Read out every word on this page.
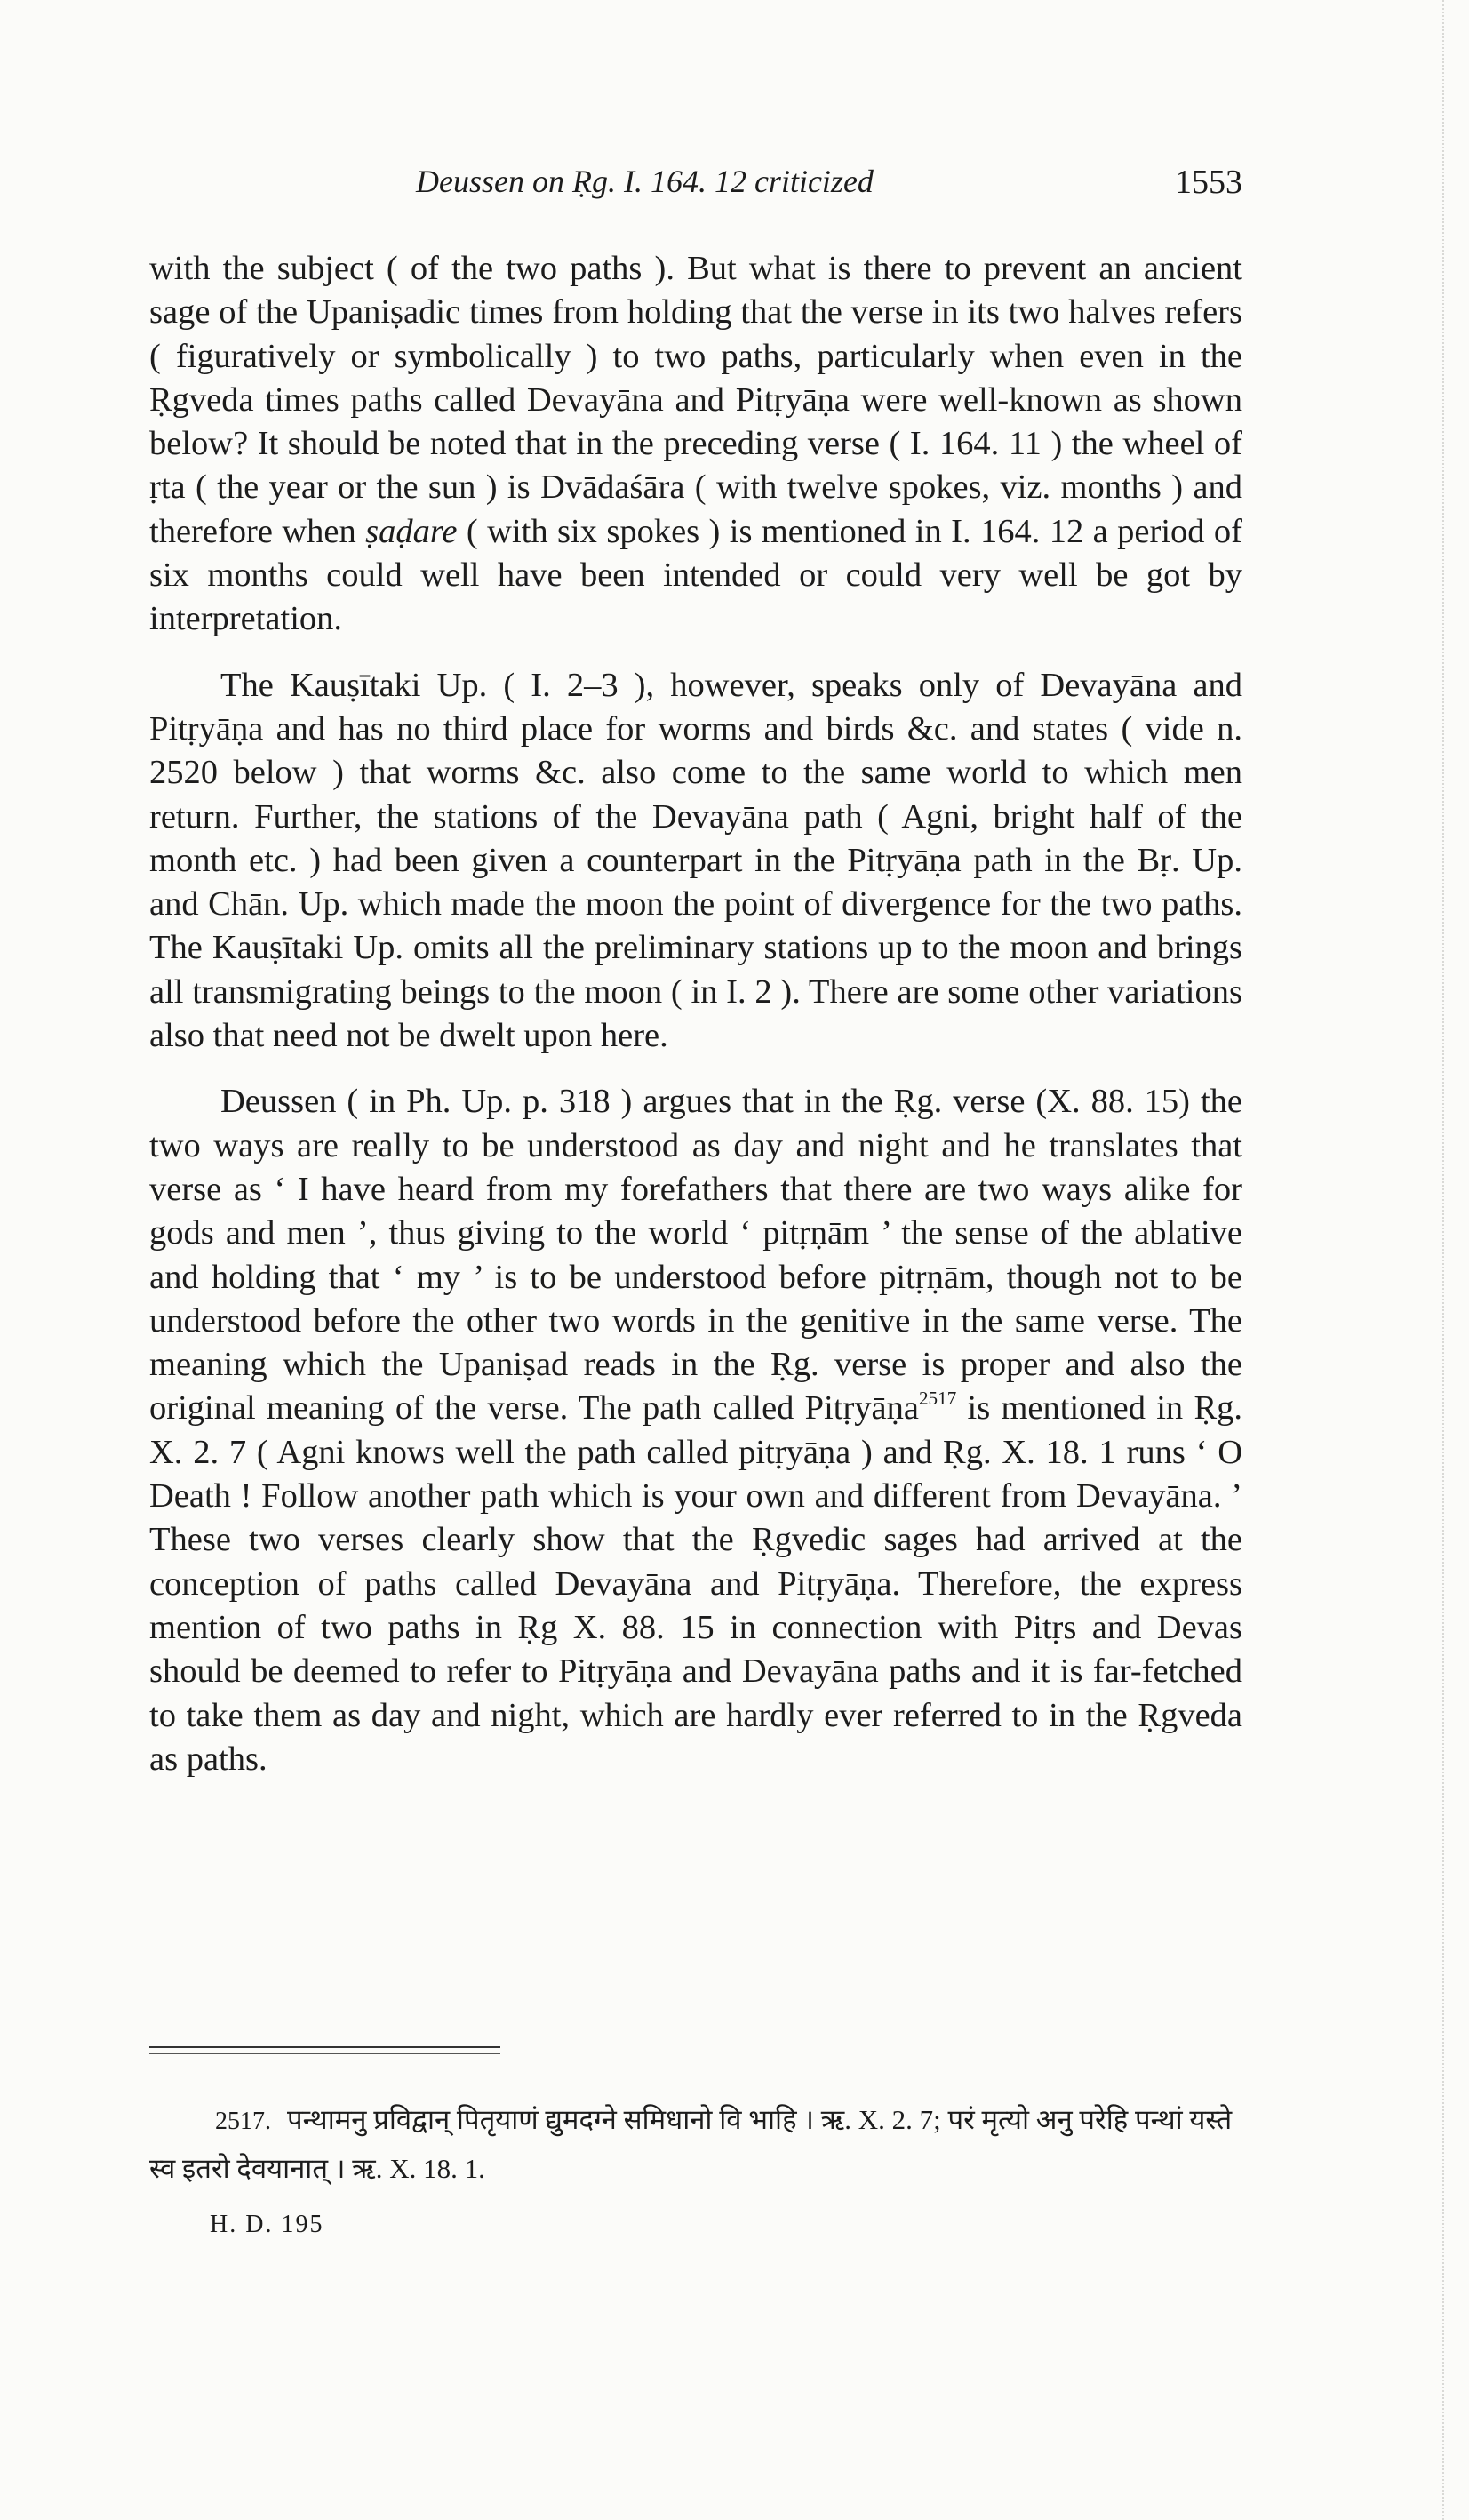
Deussen on Ṛg. I. 164. 12 criticized	1553

with the subject ( of the two paths ). But what is there to prevent an ancient sage of the Upaniṣadic times from holding that the verse in its two halves refers ( figuratively or symbolically ) to two paths, particularly when even in the Ṛgveda times paths called Devayāna and Pitṛyāṇa were well-known as shown below? It should be noted that in the preceding verse ( I. 164. 11 ) the wheel of ṛta ( the year or the sun ) is Dvādaśāra ( with twelve spokes, viz. months ) and therefore when ṣaḍare ( with six spokes ) is mentioned in I. 164. 12 a period of six months could well have been intended or could very well be got by interpretation.

The Kauṣītaki Up. ( I. 2–3 ), however, speaks only of Devayāna and Pitṛyāṇa and has no third place for worms and birds &c. and states ( vide n. 2520 below ) that worms &c. also come to the same world to which men return. Further, the stations of the Devayāna path ( Agni, bright half of the month etc. ) had been given a counterpart in the Pitṛyāṇa path in the Bṛ. Up. and Chān. Up. which made the moon the point of divergence for the two paths. The Kauṣītaki Up. omits all the preliminary stations up to the moon and brings all transmigrating beings to the moon ( in I. 2 ). There are some other variations also that need not be dwelt upon here.

Deussen ( in Ph. Up. p. 318 ) argues that in the Ṛg. verse (X. 88. 15) the two ways are really to be understood as day and night and he translates that verse as ‘ I have heard from my forefathers that there are two ways alike for gods and men ’, thus giving to the world ‘ pitṛṇām ’ the sense of the ablative and holding that ‘ my ’ is to be understood before pitṛṇām, though not to be understood before the other two words in the genitive in the same verse. The meaning which the Upaniṣad reads in the Ṛg. verse is proper and also the original meaning of the verse. The path called Pitṛyāṇa$^{2517}$ is mentioned in Ṛg. X. 2. 7 ( Agni knows well the path called pitṛyāṇa ) and Ṛg. X. 18. 1 runs ‘ O Death ! Follow another path which is your own and different from Devayāna. ’ These two verses clearly show that the Ṛgvedic sages had arrived at the conception of paths called Devayāna and Pitṛyāṇa. Therefore, the express mention of two paths in Ṛg X. 88. 15 in connection with Pitṛs and Devas should be deemed to refer to Pitṛyāṇa and Devayāna paths and it is far-fetched to take them as day and night, which are hardly ever referred to in the Ṛgveda as paths.

2517. पन्थामनु प्रविद्वान् पितृयाणं द्युमदग्ने समिधानो वि भाहि । ऋ. X. 2. 7; परं मृत्यो अनु परेहि पन्थां यस्ते स्व इतरो देवयानात् । ऋ. X. 18. 1.
H. D. 195
